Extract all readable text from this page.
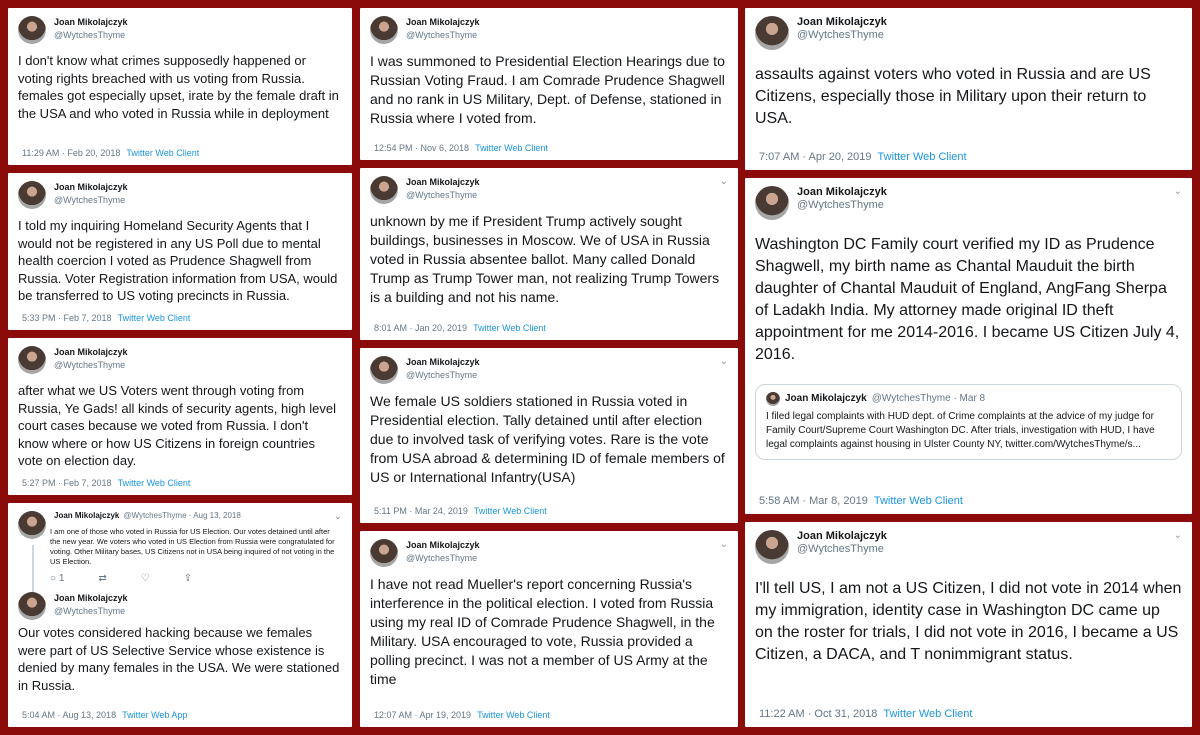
Joan Mikolajczyk
@WytchesThyme
I don't know what crimes supposedly happened or voting rights breached with us voting from Russia. females got especially upset, irate by the female draft in the USA and who voted in Russia while in deployment
11:29 AM · Feb 20, 2018 Twitter Web Client
Joan Mikolajczyk
@WytchesThyme
I told my inquiring Homeland Security Agents that I would not be registered in any US Poll due to mental health coercion I voted as Prudence Shagwell from Russia. Voter Registration information from USA, would be transferred to US voting precincts in Russia.
5:33 PM · Feb 7, 2018 Twitter Web Client
Joan Mikolajczyk
@WytchesThyme
after what we US Voters went through voting from Russia, Ye Gads! all kinds of security agents, high level court cases because we voted from Russia. I don't know where or how US Citizens in foreign countries vote on election day.
5:27 PM · Feb 7, 2018 Twitter Web Client
Joan Mikolajczyk @WytchesThyme · Aug 13, 2018	⌄
I am one of those who voted in Russia for US Election. Our votes detained until after the new year. We voters who voted in US Election from Russia were congratulated for voting. Other Military bases, US Citizens not in USA being inquired of not voting in the US Election.
○ 1	⇄	♡	⇪
Joan Mikolajczyk
@WytchesThyme
Our votes considered hacking because we females were part of US Selective Service whose existence is denied by many females in the USA. We were stationed in Russia.
5:04 AM · Aug 13, 2018 Twitter Web App
Joan Mikolajczyk
@WytchesThyme
I was summoned to Presidential Election Hearings due to Russian Voting Fraud. I am Comrade Prudence Shagwell and no rank in US Military, Dept. of Defense, stationed in Russia where I voted from.
12:54 PM · Nov 6, 2018 Twitter Web Client
Joan Mikolajczyk
@WytchesThyme
⌄
unknown by me if President Trump actively sought buildings, businesses in Moscow. We of USA in Russia voted in Russia absentee ballot. Many called Donald Trump as Trump Tower man, not realizing Trump Towers is a building and not his name.
8:01 AM · Jan 20, 2019 Twitter Web Client
Joan Mikolajczyk
@WytchesThyme
⌄
We female US soldiers stationed in Russia voted in Presidential election. Tally detained until after election due to involved task of verifying votes. Rare is the vote from USA abroad & determining ID of female members of US or International Infantry(USA)
5:11 PM · Mar 24, 2019 Twitter Web Client
Joan Mikolajczyk
@WytchesThyme
⌄
I have not read Mueller's report concerning Russia's interference in the political election. I voted from Russia using my real ID of Comrade Prudence Shagwell, in the Military. USA encouraged to vote, Russia provided a polling precinct. I was not a member of US Army at the time
12:07 AM · Apr 19, 2019 Twitter Web Client
Joan Mikolajczyk
@WytchesThyme
assaults against voters who voted in Russia and are US Citizens, especially those in Military upon their return to USA.
7:07 AM · Apr 20, 2019 Twitter Web Client
Joan Mikolajczyk
@WytchesThyme
⌄
Washington DC Family court verified my ID as Prudence Shagwell, my birth name as Chantal Mauduit the birth daughter of Chantal Mauduit of England, AngFang Sherpa of Ladakh India. My attorney made original ID theft appointment for me 2014-2016. I became US Citizen July 4, 2016.
Joan Mikolajczyk @WytchesThyme · Mar 8
I filed legal complaints with HUD dept. of Crime complaints at the advice of my judge for Family Court/Supreme Court Washington DC. After trials, investigation with HUD, I have legal complaints against housing in Ulster County NY, twitter.com/WytchesThyme/s...
5:58 AM · Mar 8, 2019 Twitter Web Client
Joan Mikolajczyk
@WytchesThyme
⌄
I'll tell US, I am not a US Citizen, I did not vote in 2014 when my immigration, identity case in Washington DC came up on the roster for trials, I did not vote in 2016, I became a US Citizen, a DACA, and T nonimmigrant status.
11:22 AM · Oct 31, 2018 Twitter Web Client
